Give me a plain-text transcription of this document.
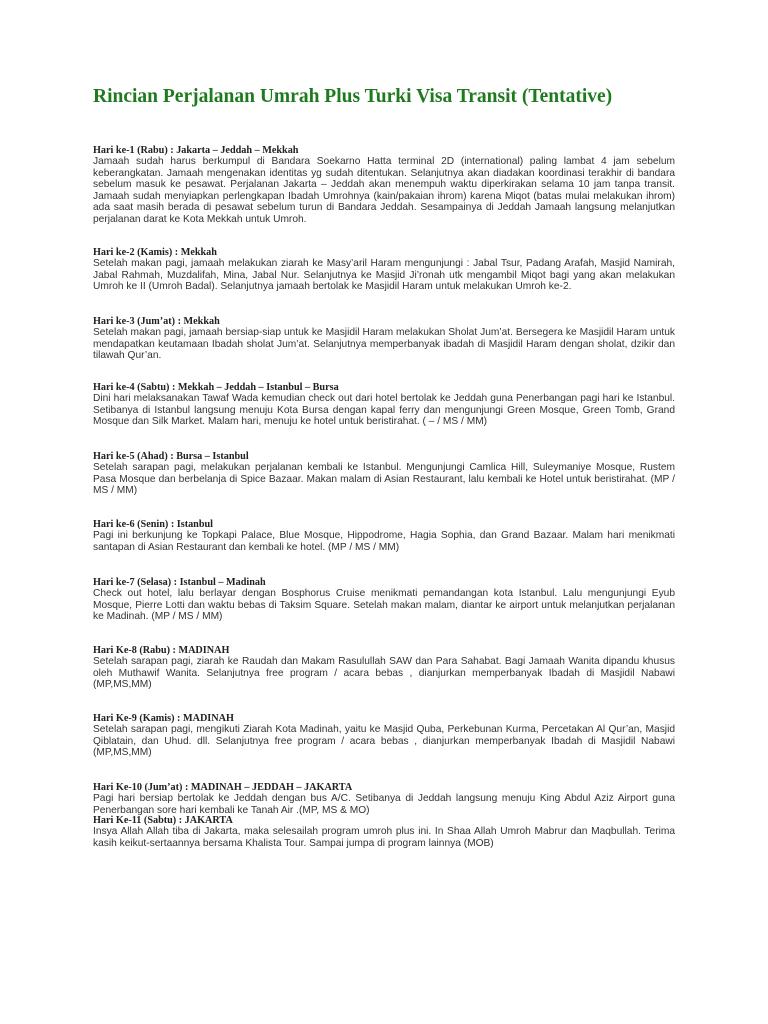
Rincian Perjalanan Umrah Plus Turki Visa Transit (Tentative)

Hari ke-1 (Rabu) : Jakarta – Jeddah – Mekkah

Jamaah sudah harus berkumpul di Bandara Soekarno Hatta terminal 2D (international) paling lambat 4 jam sebelum keberangkatan. Jamaah mengenakan identitas yg sudah ditentukan. Selanjutnya akan diadakan koordinasi terakhir di bandara sebelum masuk ke pesawat. Perjalanan Jakarta – Jeddah akan menempuh waktu diperkirakan selama 10 jam tanpa transit. Jamaah sudah menyiapkan perlengkapan Ibadah Umrohnya (kain/pakaian ihrom) karena Miqot (batas mulai melakukan ihrom) ada saat masih berada di pesawat sebelum turun di Bandara Jeddah. Sesampainya di Jeddah Jamaah langsung melanjutkan perjalanan darat ke Kota Mekkah untuk Umroh.

Hari ke-2 (Kamis) : Mekkah

Setelah makan pagi, jamaah melakukan ziarah ke Masy’aril Haram mengunjungi : Jabal Tsur, Padang Arafah, Masjid Namirah, Jabal Rahmah, Muzdalifah, Mina, Jabal Nur. Selanjutnya ke Masjid Ji’ronah utk mengambil Miqot bagi yang akan melakukan Umroh ke II (Umroh Badal). Selanjutnya jamaah bertolak ke Masjidil Haram untuk melakukan Umroh ke-2.

Hari ke-3 (Jum’at) : Mekkah

Setelah makan pagi, jamaah bersiap-siap untuk ke Masjidil Haram melakukan Sholat Jum’at. Bersegera ke Masjidil Haram untuk mendapatkan keutamaan Ibadah sholat Jum’at. Selanjutnya memperbanyak ibadah di Masjidil Haram dengan sholat, dzikir dan tilawah Qur’an.

Hari ke-4 (Sabtu) : Mekkah – Jeddah – Istanbul – Bursa

Dini hari melaksanakan Tawaf Wada kemudian check out dari hotel bertolak ke Jeddah guna Penerbangan pagi hari ke Istanbul. Setibanya di Istanbul langsung menuju Kota Bursa dengan kapal ferry dan mengunjungi Green Mosque, Green Tomb, Grand Mosque dan Silk Market. Malam hari, menuju ke hotel untuk beristirahat. ( – / MS / MM)

Hari ke-5 (Ahad) : Bursa – Istanbul

Setelah sarapan pagi, melakukan perjalanan kembali ke Istanbul. Mengunjungi Camlica Hill, Suleymaniye Mosque, Rustem Pasa Mosque dan berbelanja di Spice Bazaar. Makan malam di Asian Restaurant, lalu kembali ke Hotel untuk beristirahat. (MP / MS / MM)

Hari ke-6 (Senin) : Istanbul

Pagi ini berkunjung ke Topkapi Palace, Blue Mosque, Hippodrome, Hagia Sophia, dan Grand Bazaar. Malam hari menikmati santapan di Asian Restaurant dan kembali ke hotel. (MP / MS / MM)

Hari ke-7 (Selasa) : Istanbul – Madinah

Check out hotel, lalu berlayar dengan Bosphorus Cruise menikmati pemandangan kota Istanbul. Lalu mengunjungi Eyub Mosque, Pierre Lotti dan waktu bebas di Taksim Square. Setelah makan malam, diantar ke airport untuk melanjutkan perjalanan ke Madinah. (MP / MS / MM)

Hari Ke-8 (Rabu) : MADINAH

Setelah sarapan pagi, ziarah ke Raudah dan Makam Rasulullah SAW dan Para Sahabat. Bagi Jamaah Wanita dipandu khusus oleh Muthawif Wanita. Selanjutnya free program / acara bebas , dianjurkan memperbanyak Ibadah di Masjidil Nabawi (MP,MS,MM)

Hari Ke-9 (Kamis) : MADINAH

Setelah sarapan pagi, mengikuti Ziarah Kota Madinah, yaitu ke Masjid Quba, Perkebunan Kurma, Percetakan Al Qur’an, Masjid Qiblatain, dan Uhud. dll. Selanjutnya free program / acara bebas , dianjurkan memperbanyak Ibadah di Masjidil Nabawi (MP,MS,MM)

Hari Ke-10 (Jum’at) : MADINAH – JEDDAH – JAKARTA

Pagi hari bersiap bertolak ke Jeddah dengan bus A/C. Setibanya di Jeddah langsung menuju King Abdul Aziz Airport guna Penerbangan sore hari kembali ke Tanah Air .(MP, MS & MO)

Hari Ke-11 (Sabtu) : JAKARTA

Insya Allah Allah tiba di Jakarta, maka selesailah program umroh plus ini. In Shaa Allah Umroh Mabrur dan Maqbullah. Terima kasih keikut-sertaannya bersama Khalista Tour. Sampai jumpa di program lainnya (MOB)
